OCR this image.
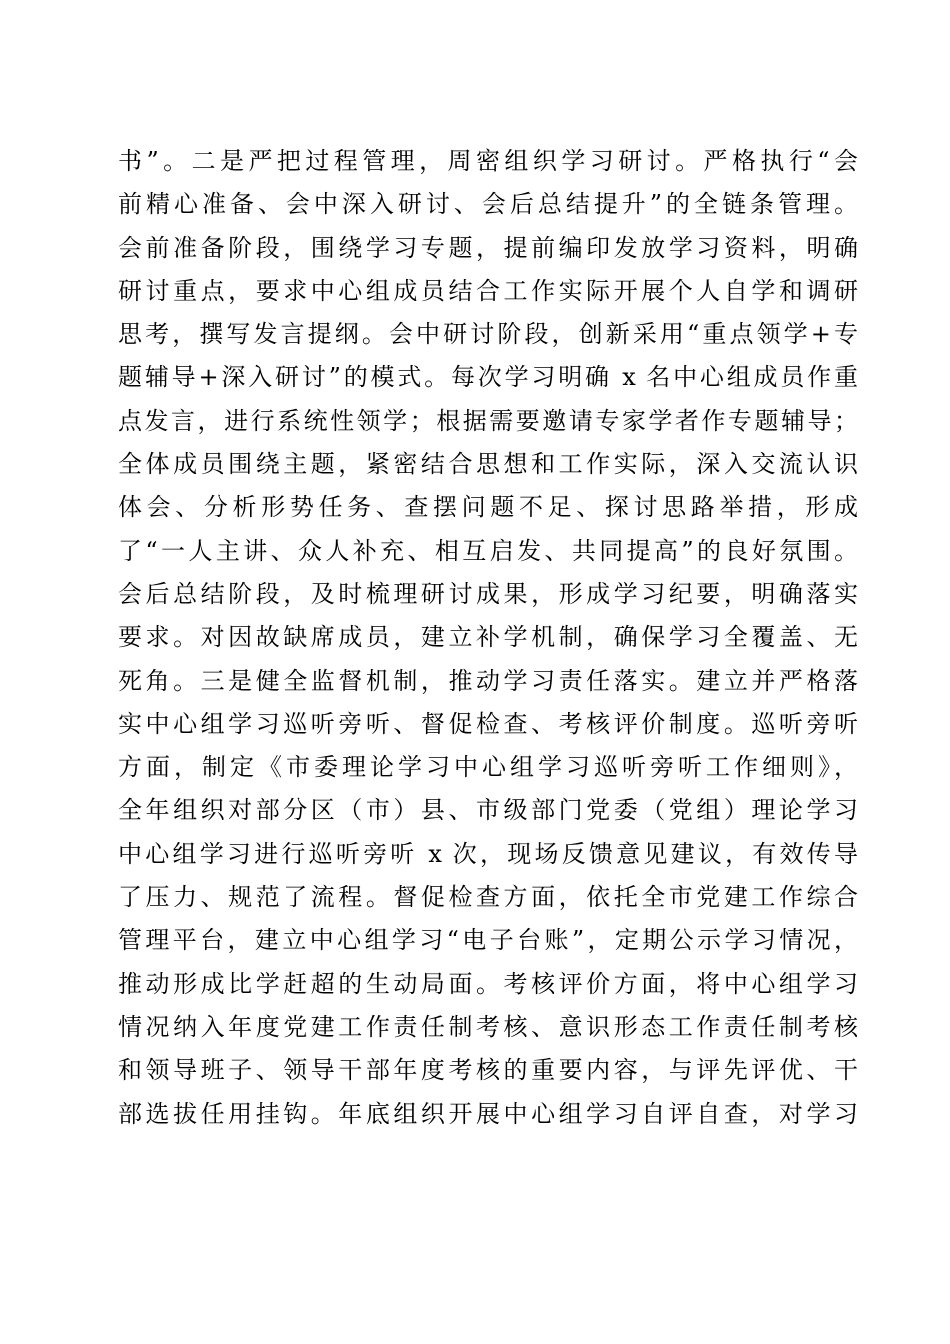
书”。二是严把过程管理，周密组织学习研讨。严格执行“会
前精心准备、会中深入研讨、会后总结提升”的全链条管理。
会前准备阶段，围绕学习专题，提前编印发放学习资料，明确
研讨重点，要求中心组成员结合工作实际开展个人自学和调研
思考，撰写发言提纲。会中研讨阶段，创新采用“重点领学+专
题辅导+深入研讨”的模式。每次学习明确 x 名中心组成员作重
点发言，进行系统性领学；根据需要邀请专家学者作专题辅导；
全体成员围绕主题，紧密结合思想和工作实际，深入交流认识
体会、分析形势任务、查摆问题不足、探讨思路举措，形成
了“一人主讲、众人补充、相互启发、共同提高”的良好氛围。
会后总结阶段，及时梳理研讨成果，形成学习纪要，明确落实
要求。对因故缺席成员，建立补学机制，确保学习全覆盖、无
死角。三是健全监督机制，推动学习责任落实。建立并严格落
实中心组学习巡听旁听、督促检查、考核评价制度。巡听旁听
方面，制定《市委理论学习中心组学习巡听旁听工作细则》，
全年组织对部分区（市）县、市级部门党委（党组）理论学习
中心组学习进行巡听旁听 x 次，现场反馈意见建议，有效传导
了压力、规范了流程。督促检查方面，依托全市党建工作综合
管理平台，建立中心组学习“电子台账”，定期公示学习情况，
推动形成比学赶超的生动局面。考核评价方面，将中心组学习
情况纳入年度党建工作责任制考核、意识形态工作责任制考核
和领导班子、领导干部年度考核的重要内容，与评先评优、干
部选拔任用挂钩。年底组织开展中心组学习自评自查，对学习
